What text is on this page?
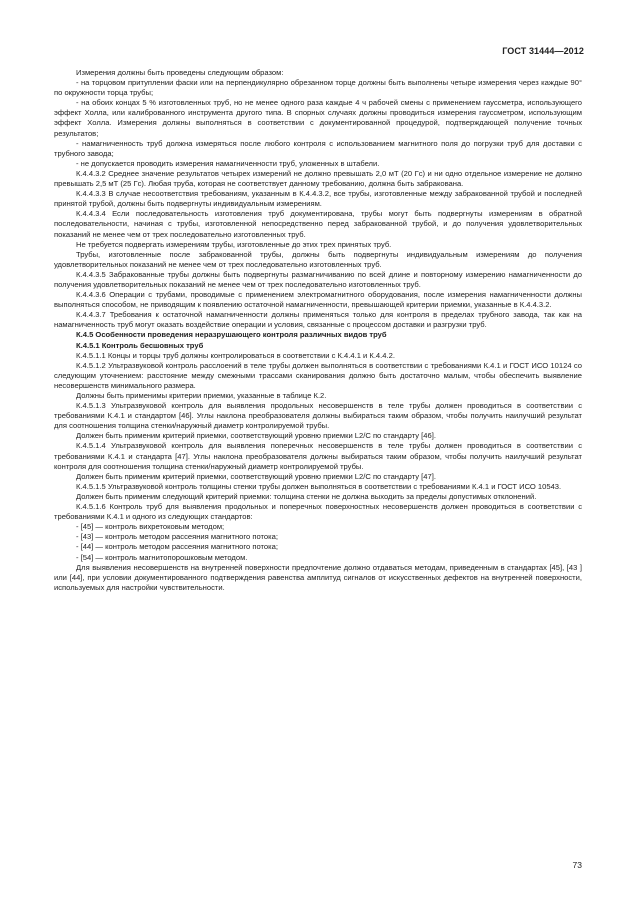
ГОСТ 31444—2012

Измерения должны быть проведены следующим образом:

- на торцовом притуплении фаски или на перпендикулярно обрезанном торце должны быть выполнены четыре измерения через каждые 90° по окружности торца трубы;

- на обоих концах 5 % изготовленных труб, но не менее одного раза каждые 4 ч рабочей смены с применением гауссметра, использующего эффект Холла, или калиброванного инструмента другого типа. В спорных случаях должны проводиться измерения гауссметром, использующим эффект Холла. Измерения должны выполняться в соответствии с документированной процедурой, подтверждающей получение точных результатов;

- намагниченность труб должна измеряться после любого контроля с использованием магнитного поля до погрузки труб для доставки с трубного завода;

- не допускается проводить измерения намагниченности труб, уложенных в штабели.

К.4.4.3.2 Среднее значение результатов четырех измерений не должно превышать 2,0 мТ (20 Гс) и ни одно отдельное измерение не должно превышать 2,5 мТ (25 Гс). Любая труба, которая не соответствует данному требованию, должна быть забракована.

К.4.4.3.3 В случае несоответствия требованиям, указанным в К.4.4.3.2, все трубы, изготовленные между забракованной трубой и последней принятой трубой, должны быть подвергнуты индивидуальным измерениям.

К.4.4.3.4 Если последовательность изготовления труб документирована, трубы могут быть подвергнуты измерениям в обратной последовательности, начиная с трубы, изготовленной непосредственно перед забракованной трубой, и до получения удовлетворительных показаний не менее чем от трех последовательно изготовленных труб.

Не требуется подвергать измерениям трубы, изготовленные до этих трех принятых труб.

Трубы, изготовленные после забракованной трубы, должны быть подвергнуты индивидуальным измерениям до получения удовлетворительных показаний не менее чем от трех последовательно изготовленных труб.

К.4.4.3.5 Забракованные трубы должны быть подвергнуты размагничиванию по всей длине и повторному измерению намагниченности до получения удовлетворительных показаний не менее чем от трех последовательно изготовленных труб.

К.4.4.3.6 Операции с трубами, проводимые с применением электромагнитного оборудования, после измерения намагниченности должны выполняться способом, не приводящим к появлению остаточной намагниченности, превышающей критерии приемки, указанные в К.4.4.3.2.

К.4.4.3.7 Требования к остаточной намагниченности должны применяться только для контроля в пределах трубного завода, так как на намагниченность труб могут оказать воздействие операции и условия, связанные с процессом доставки и разгрузки труб.

К.4.5 Особенности проведения неразрушающего контроля различных видов труб

К.4.5.1 Контроль бесшовных труб

К.4.5.1.1 Концы и торцы труб должны контролироваться в соответствии с К.4.4.1 и К.4.4.2.

К.4.5.1.2 Ультразвуковой контроль расслоений в теле трубы должен выполняться в соответствии с требованиями К.4.1 и ГОСТ ИСО 10124 со следующим уточнением: расстояние между смежными трассами сканирования должно быть достаточно малым, чтобы обеспечить выявление несовершенств минимального размера.

Должны быть применимы критерии приемки, указанные в таблице К.2.

К.4.5.1.3 Ультразвуковой контроль для выявления продольных несовершенств в теле трубы должен проводиться в соответствии с требованиями К.4.1 и стандартом [46]. Углы наклона преобразователя должны выбираться таким образом, чтобы получить наилучший результат для соотношения толщина стенки/наружный диаметр контролируемой трубы.

Должен быть применим критерий приемки, соответствующий уровню приемки L2/C по стандарту [46].

К.4.5.1.4 Ультразвуковой контроль для выявления поперечных несовершенств в теле трубы должен проводиться в соответствии с требованиями К.4.1 и стандарта [47]. Углы наклона преобразователя должны выбираться таким образом, чтобы получить наилучший результат контроля для соотношения толщина стенки/наружный диаметр контролируемой трубы.

Должен быть применим критерий приемки, соответствующий уровню приемки L2/C по стандарту [47].

К.4.5.1.5 Ультразвуковой контроль толщины стенки трубы должен выполняться в соответствии с требованиями К.4.1 и ГОСТ ИСО 10543.

Должен быть применим следующий критерий приемки: толщина стенки не должна выходить за пределы допустимых отклонений.

К.4.5.1.6 Контроль труб для выявления продольных и поперечных поверхностных несовершенств должен проводиться в соответствии с требованиями К.4.1 и одного из следующих стандартов:

- [45] — контроль вихретоковым методом;

- [43] — контроль методом рассеяния магнитного потока;

- [44] — контроль методом рассеяния магнитного потока;

- [54] — контроль магнитопорошковым методом.

Для выявления несовершенств на внутренней поверхности предпочтение должно отдаваться методам, приведенным в стандартах [45], [43 ] или [44], при условии документированного подтверждения равенства амплитуд сигналов от искусственных дефектов на внутренней поверхности, используемых для настройки чувствительности.

73
